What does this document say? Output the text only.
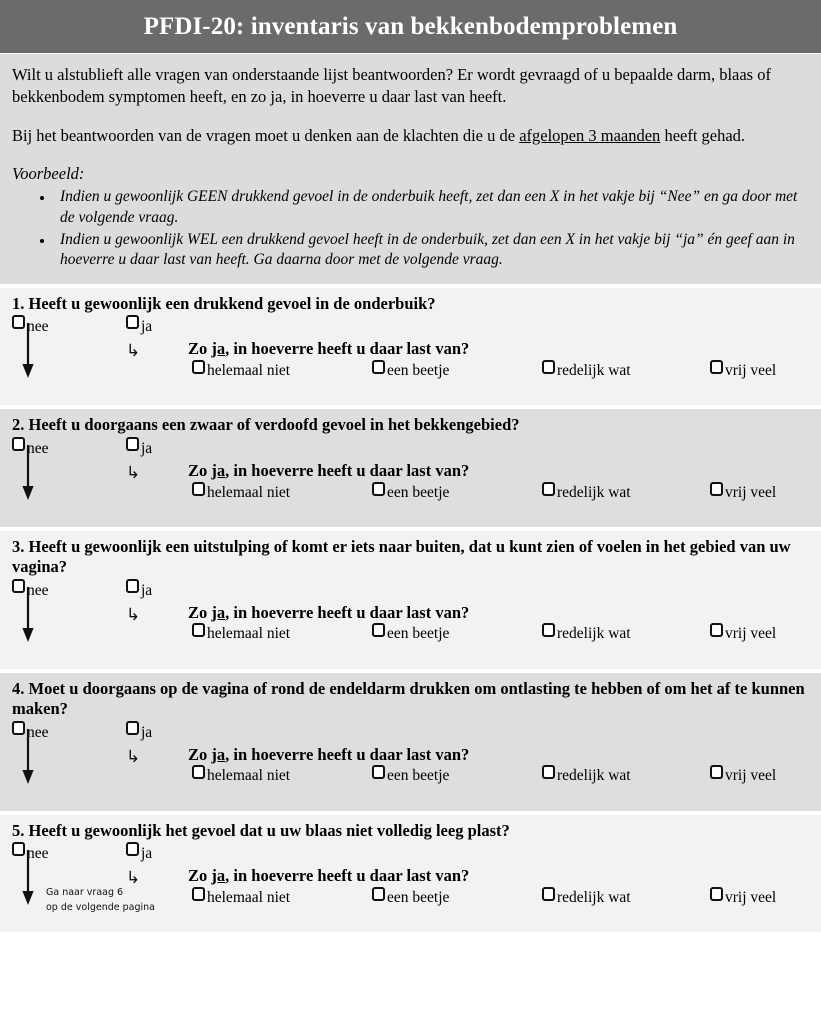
PFDI-20: inventaris van bekkenbodemproblemen

Wilt u alstublieft alle vragen van onderstaande lijst beantwoorden? Er wordt gevraagd of u bepaalde darm, blaas of bekkenbodem symptomen heeft, en zo ja, in hoeverre u daar last van heeft.

Bij het beantwoorden van de vragen moet u denken aan de klachten die u de afgelopen 3 maanden heeft gehad.

Voorbeeld:

• Indien u gewoonlijk GEEN drukkend gevoel in de onderbuik heeft, zet dan een X in het vakje bij “Nee” en ga door met de volgende vraag.
• Indien u gewoonlijk WEL een drukkend gevoel heeft in de onderbuik, zet dan een X in het vakje bij “ja” én geef aan in hoeverre u daar last van heeft. Ga daarna door met de volgende vraag.
1. Heeft u gewoonlijk een drukkend gevoel in de onderbuik?
nee	ja
↳	Zo ja, in hoeverre heeft u daar last van?
helemaal niet	een beetje	redelijk wat	vrij veel
2. Heeft u doorgaans een zwaar of verdoofd gevoel in het bekkengebied?
nee	ja
↳	Zo ja, in hoeverre heeft u daar last van?
helemaal niet	een beetje	redelijk wat	vrij veel
3. Heeft u gewoonlijk een uitstulping of komt er iets naar buiten, dat u kunt zien of voelen in het gebied van uw vagina?
nee	ja
↳	Zo ja, in hoeverre heeft u daar last van?
helemaal niet	een beetje	redelijk wat	vrij veel
4. Moet u doorgaans op de vagina of rond de endeldarm drukken om ontlasting te hebben of om het af te kunnen maken?
nee	ja
↳	Zo ja, in hoeverre heeft u daar last van?
helemaal niet	een beetje	redelijk wat	vrij veel
5. Heeft u gewoonlijk het gevoel dat u uw blaas niet volledig leeg plast?
nee	ja
Ga naar vraag 6
op de volgende pagina
↳	Zo ja, in hoeverre heeft u daar last van?
helemaal niet	een beetje	redelijk wat	vrij veel
